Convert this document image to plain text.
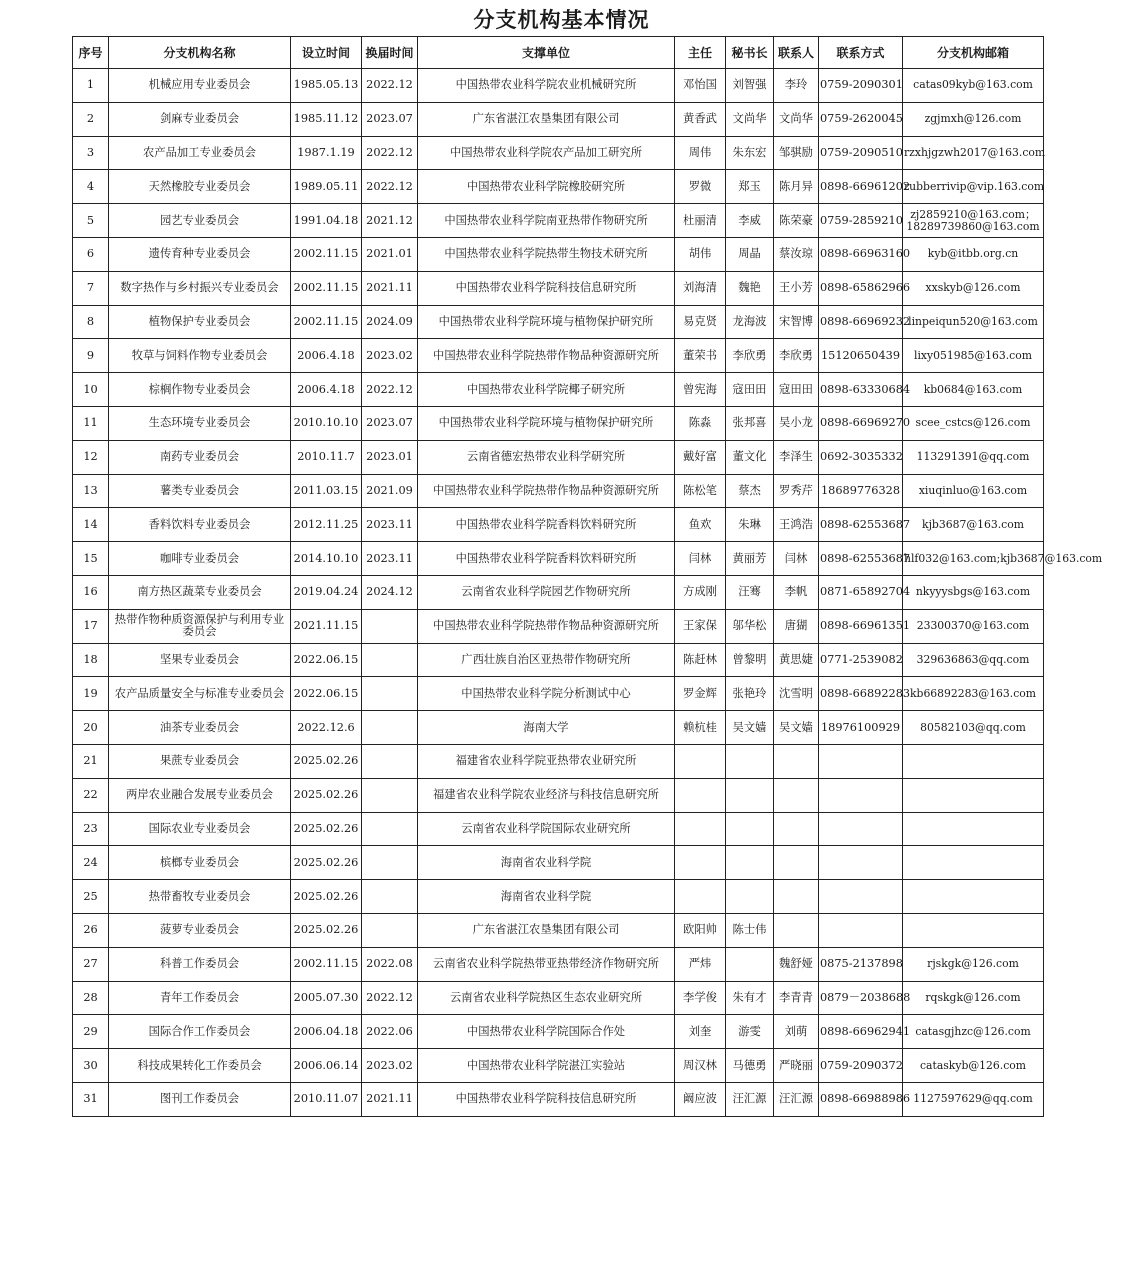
分支机构基本情况
序号	分支机构名称	设立时间	换届时间	支撑单位	主任	秘书长	联系人	联系方式	分支机构邮箱
1	机械应用专业委员会	1985.05.13	2022.12	中国热带农业科学院农业机械研究所	邓怡国	刘智强	李玲	0759-2090301	catas09kyb@163.com
2	剑麻专业委员会	1985.11.12	2023.07	广东省湛江农垦集团有限公司	黄香武	文尚华	文尚华	0759-2620045	zgjmxh@126.com
3	农产品加工专业委员会	1987.1.19	2022.12	中国热带农业科学院农产品加工研究所	周伟	朱东宏	邹骐励	0759-2090510	rzxhjgzwh2017@163.com
4	天然橡胶专业委员会	1989.05.11	2022.12	中国热带农业科学院橡胶研究所	罗微	郑玉	陈月异	0898-66961202	rubberrivip@vip.163.com
5	园艺专业委员会	1991.04.18	2021.12	中国热带农业科学院南亚热带作物研究所	杜丽清	李威	陈荣豪	0759-2859210	zj2859210@163.com；18289739860@163.com
6	遗传育种专业委员会	2002.11.15	2021.01	中国热带农业科学院热带生物技术研究所	胡伟	周晶	蔡汝琼	0898-66963160	kyb@itbb.org.cn
7	数字热作与乡村振兴专业委员会	2002.11.15	2021.11	中国热带农业科学院科技信息研究所	刘海清	魏艳	王小芳	0898-65862966	xxskyb@126.com
8	植物保护专业委员会	2002.11.15	2024.09	中国热带农业科学院环境与植物保护研究所	易克贤	龙海波	宋智博	0898-66969232	linpeiqun520@163.com
9	牧草与饲料作物专业委员会	2006.4.18	2023.02	中国热带农业科学院热带作物品种资源研究所	董荣书	李欣勇	李欣勇	15120650439	lixy051985@163.com
10	棕榈作物专业委员会	2006.4.18	2022.12	中国热带农业科学院椰子研究所	曾宪海	寇田田	寇田田	0898-63330684	kb0684@163.com
11	生态环境专业委员会	2010.10.10	2023.07	中国热带农业科学院环境与植物保护研究所	陈淼	张邦喜	吴小龙	0898-66969270	scee_cstcs@126.com
12	南药专业委员会	2010.11.7	2023.01	云南省德宏热带农业科学研究所	戴好富	董文化	李泽生	0692-3035332	113291391@qq.com
13	薯类专业委员会	2011.03.15	2021.09	中国热带农业科学院热带作物品种资源研究所	陈松笔	蔡杰	罗秀芹	18689776328	xiuqinluo@163.com
14	香料饮料专业委员会	2012.11.25	2023.11	中国热带农业科学院香料饮料研究所	鱼欢	朱琳	王鸿浩	0898-62553687	kjb3687@163.com
15	咖啡专业委员会	2014.10.10	2023.11	中国热带农业科学院香料饮料研究所	闫林	黄丽芳	闫林	0898-62553687	hlf032@163.com;kjb3687@163.com
16	南方热区蔬菜专业委员会	2019.04.24	2024.12	云南省农业科学院园艺作物研究所	方成刚	汪骞	李帆	0871-65892704	nkyyysbgs@163.com
17	热带作物种质资源保护与利用专业委员会	2021.11.15		中国热带农业科学院热带作物品种资源研究所	王家保	邬华松	唐猢	0898-66961351	23300370@163.com
18	坚果专业委员会	2022.06.15		广西壮族自治区亚热带作物研究所	陈赶林	曾黎明	黄思婕	0771-2539082	329636863@qq.com
19	农产品质量安全与标准专业委员会	2022.06.15		中国热带农业科学院分析测试中心	罗金辉	张艳玲	沈雪明	0898-66892283	kb66892283@163.com
20	油茶专业委员会	2022.12.6		海南大学	赖杭桂	吴文嫱	吴文嫱	18976100929	80582103@qq.com
21	果蔗专业委员会	2025.02.26		福建省农业科学院亚热带农业研究所					
22	两岸农业融合发展专业委员会	2025.02.26		福建省农业科学院农业经济与科技信息研究所					
23	国际农业专业委员会	2025.02.26		云南省农业科学院国际农业研究所					
24	槟榔专业委员会	2025.02.26		海南省农业科学院					
25	热带畜牧专业委员会	2025.02.26		海南省农业科学院					
26	菠萝专业委员会	2025.02.26		广东省湛江农垦集团有限公司	欧阳帅	陈士伟			
27	科普工作委员会	2002.11.15	2022.08	云南省农业科学院热带亚热带经济作物研究所	严炜		魏舒娅	0875-2137898	rjskgk@126.com
28	青年工作委员会	2005.07.30	2022.12	云南省农业科学院热区生态农业研究所	李学俊	朱有才	李青青	0879－2038688	rqskgk@126.com
29	国际合作工作委员会	2006.04.18	2022.06	中国热带农业科学院国际合作处	刘奎	游雯	刘萌	0898-66962941	catasgjhzc@126.com
30	科技成果转化工作委员会	2006.06.14	2023.02	中国热带农业科学院湛江实验站	周汉林	马德勇	严晓丽	0759-2090372	cataskyb@126.com
31	图刊工作委员会	2010.11.07	2021.11	中国热带农业科学院科技信息研究所	阚应波	汪汇源	汪汇源	0898-66988986	1127597629@qq.com
